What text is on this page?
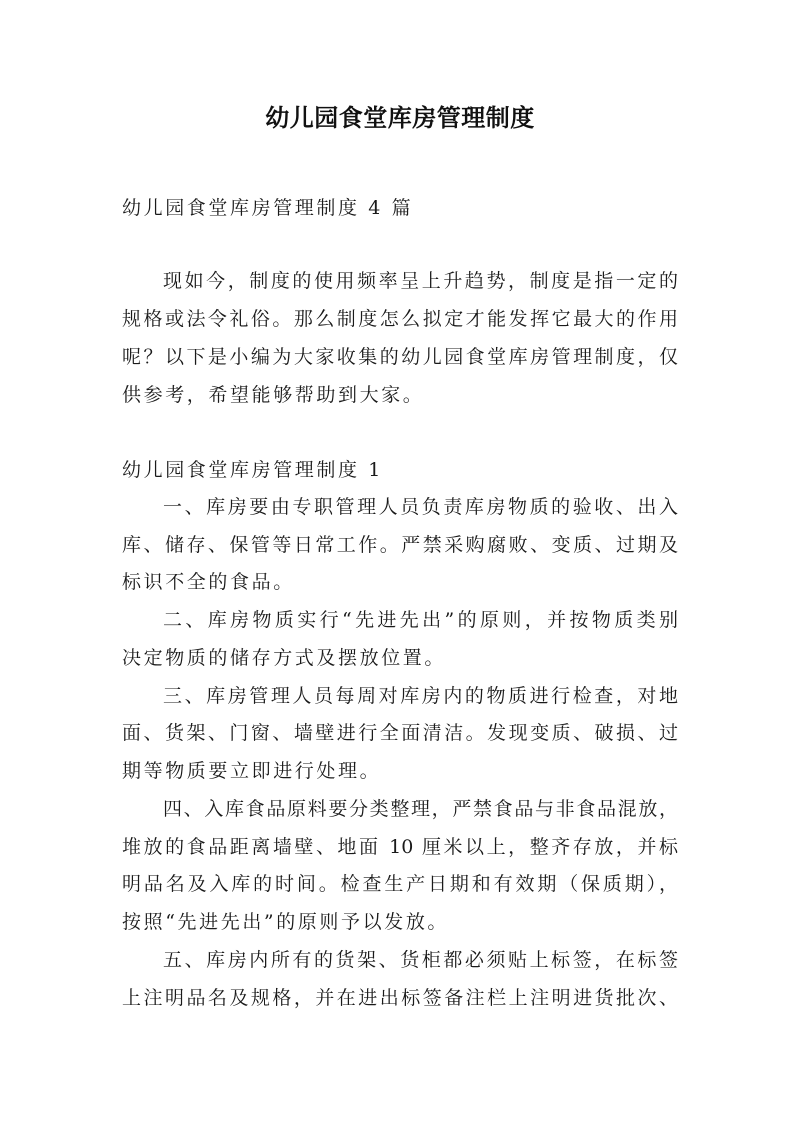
幼儿园食堂库房管理制度
幼儿园食堂库房管理制度 4 篇
现如今，制度的使用频率呈上升趋势，制度是指一定的
规格或法令礼俗。那么制度怎么拟定才能发挥它最大的作用
呢？以下是小编为大家收集的幼儿园食堂库房管理制度，仅
供参考，希望能够帮助到大家。
幼儿园食堂库房管理制度 1
一、库房要由专职管理人员负责库房物质的验收、出入
库、储存、保管等日常工作。严禁采购腐败、变质、过期及
标识不全的食品。
二、库房物质实行“先进先出”的原则，并按物质类别
决定物质的储存方式及摆放位置。
三、库房管理人员每周对库房内的物质进行检查，对地
面、货架、门窗、墙壁进行全面清洁。发现变质、破损、过
期等物质要立即进行处理。
四、入库食品原料要分类整理，严禁食品与非食品混放，
堆放的食品距离墙壁、地面 10 厘米以上，整齐存放，并标
明品名及入库的时间。检查生产日期和有效期（保质期），
按照“先进先出”的原则予以发放。
五、库房内所有的货架、货柜都必须贴上标签，在标签
上注明品名及规格，并在进出标签备注栏上注明进货批次、
